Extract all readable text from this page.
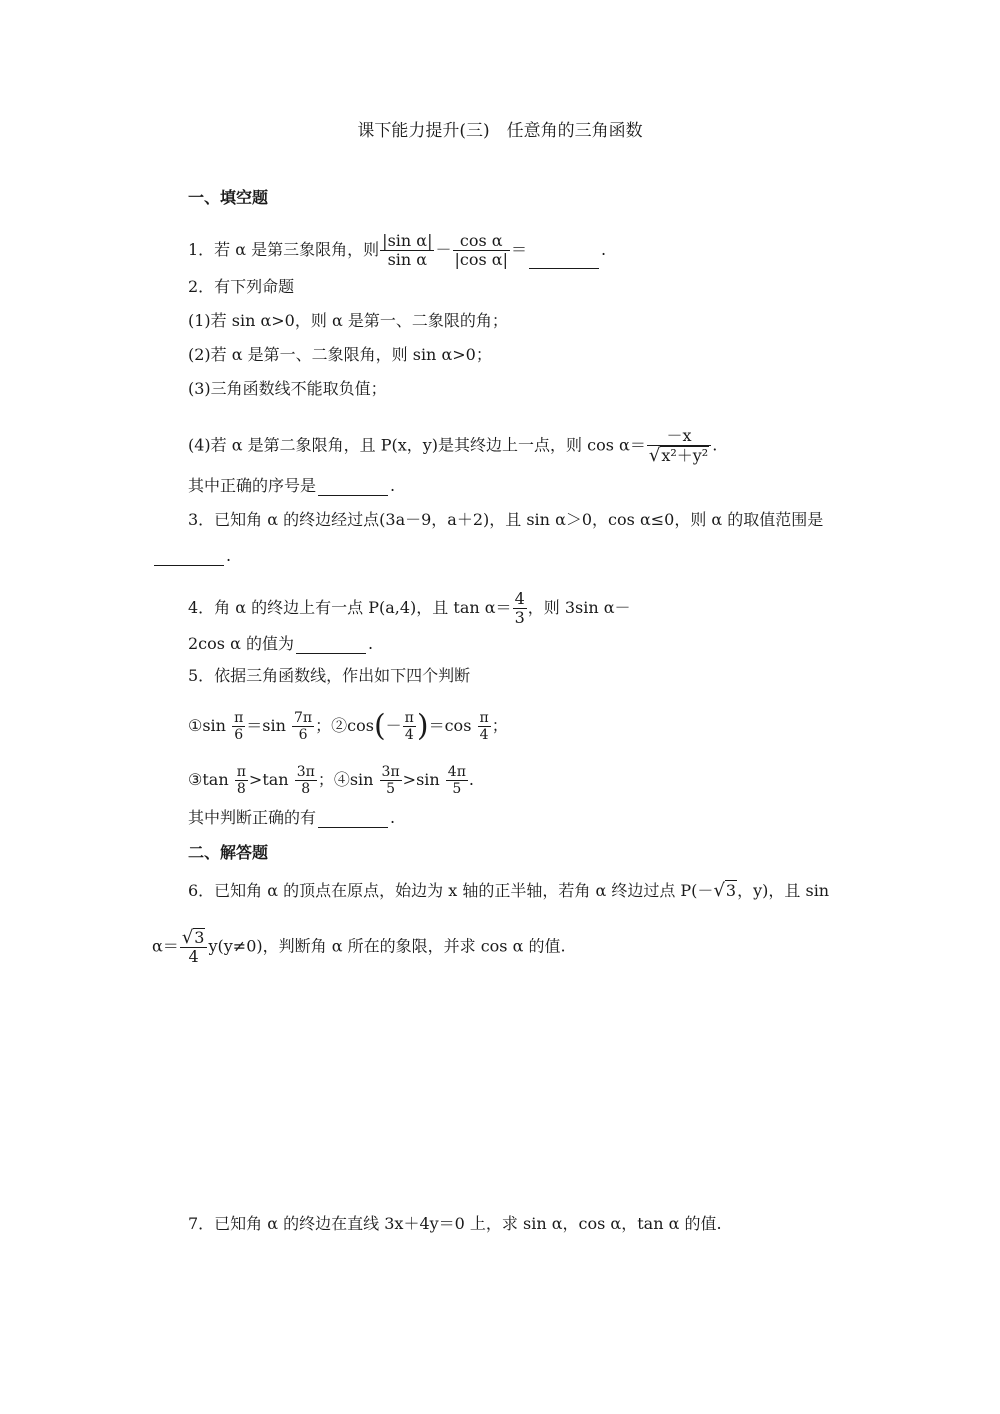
课下能力提升(三)　任意角的三角函数
一、填空题
1．若 α 是第三象限角，则 $\frac{\text{|sin α|}}{\text{sin α}} - \frac{\text{cos α}}{\text{|cos α|}}$ ＝	.
2．有下列命题
(1)若 sin α>0，则 α 是第一、二象限的角；
(2)若 α 是第一、二象限角，则 sin α>0；
(3)三角函数线不能取负值；
(4)若 α 是第二象限角，且 P(x，y)是其终边上一点，则 $\cos \alpha= \frac{-x}{\text{√x²＋y²}}$ .
其中正确的序号是	.
3．已知角 α 的终边经过点(3a－9，a＋2)，且 sin α＞0，cos α≤0，则 α 的取值范围是
.
4．角 α 的终边上有一点 P(a,4)，且 $\tan \alpha= \frac{4}{3}$ ，则 3sin α－
2cos α 的值为	.
5．依据三角函数线，作出如下四个判断
①sin $\frac{\pi}{6} =\sin \frac{7\pi}{6}$ ；②cos(－ $\frac{\pi}{4} )=\cos \frac{\pi}{4}$ ；
③tan $\frac{\pi}{8} >\tan \frac{3\pi}{8}$ ；④sin $\frac{3\pi}{5} >\sin \frac{4\pi}{5}$ .
其中判断正确的有	.
二、解答题
6．已知角 α 的顶点在原点，始边为 x 轴的正半轴，若角 α 终边过点 P(－√3，y)，且 sin
$\alpha= \frac{√3}{4} y(y\ne 0)$，判断角 α 所在的象限，并求 cos α 的值.
7．已知角 α 的终边在直线 3x＋4y＝0 上，求 sin α，cos α，tan α 的值.
